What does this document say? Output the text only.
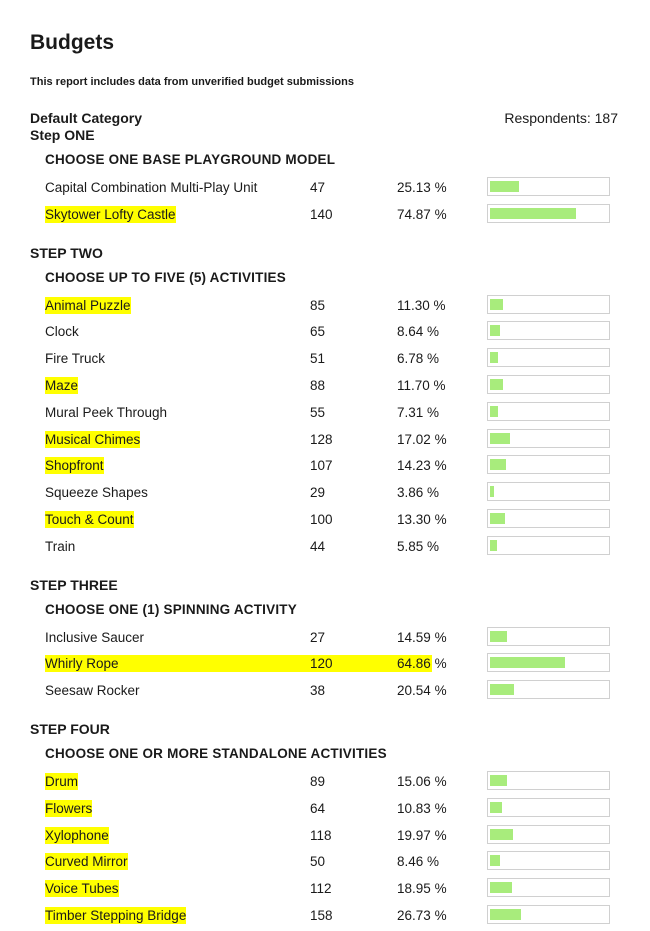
Budgets
This report includes data from unverified budget submissions
Default Category	Respondents: 187
Step ONE
CHOOSE ONE BASE PLAYGROUND MODEL
Capital Combination Multi-Play Unit	47	25.13 %
Skytower Lofty Castle	140	74.87 %
STEP TWO
CHOOSE UP TO FIVE (5) ACTIVITIES
Animal Puzzle	85	11.30 %
Clock	65	8.64 %
Fire Truck	51	6.78 %
Maze	88	11.70 %
Mural Peek Through	55	7.31 %
Musical Chimes	128	17.02 %
Shopfront	107	14.23 %
Squeeze Shapes	29	3.86 %
Touch & Count	100	13.30 %
Train	44	5.85 %
STEP THREE
CHOOSE ONE (1) SPINNING ACTIVITY
Inclusive Saucer	27	14.59 %
Whirly Rope	120	64.86 %
Seesaw Rocker	38	20.54 %
STEP FOUR
CHOOSE ONE OR MORE STANDALONE ACTIVITIES
Drum	89	15.06 %
Flowers	64	10.83 %
Xylophone	118	19.97 %
Curved Mirror	50	8.46 %
Voice Tubes	112	18.95 %
Timber Stepping Bridge	158	26.73 %
